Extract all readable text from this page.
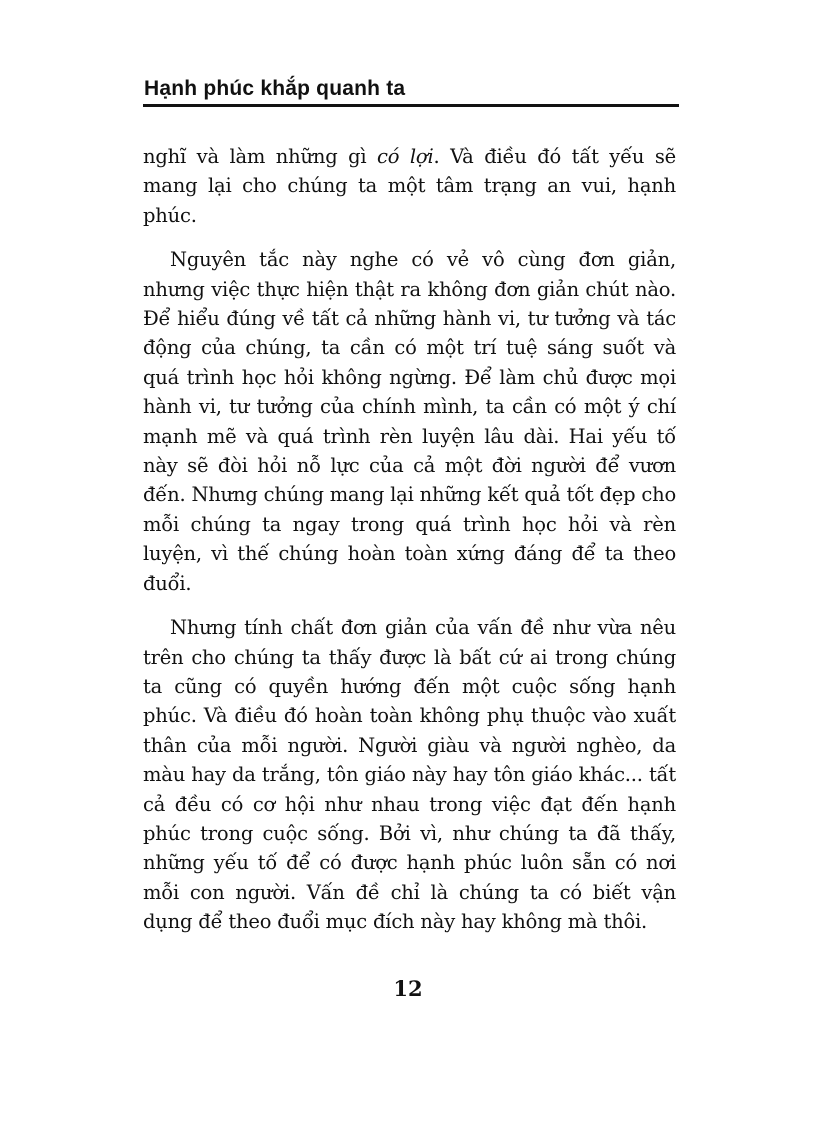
Hạnh phúc khắp quanh ta

nghĩ và làm những gì có lợi. Và điều đó tất yếu sẽ mang lại cho chúng ta một tâm trạng an vui, hạnh phúc.

Nguyên tắc này nghe có vẻ vô cùng đơn giản, nhưng việc thực hiện thật ra không đơn giản chút nào. Để hiểu đúng về tất cả những hành vi, tư tưởng và tác động của chúng, ta cần có một trí tuệ sáng suốt và quá trình học hỏi không ngừng. Để làm chủ được mọi hành vi, tư tưởng của chính mình, ta cần có một ý chí mạnh mẽ và quá trình rèn luyện lâu dài. Hai yếu tố này sẽ đòi hỏi nỗ lực của cả một đời người để vươn đến. Nhưng chúng mang lại những kết quả tốt đẹp cho mỗi chúng ta ngay trong quá trình học hỏi và rèn luyện, vì thế chúng hoàn toàn xứng đáng để ta theo đuổi.

Nhưng tính chất đơn giản của vấn đề như vừa nêu trên cho chúng ta thấy được là bất cứ ai trong chúng ta cũng có quyền hướng đến một cuộc sống hạnh phúc. Và điều đó hoàn toàn không phụ thuộc vào xuất thân của mỗi người. Người giàu và người nghèo, da màu hay da trắng, tôn giáo này hay tôn giáo khác... tất cả đều có cơ hội như nhau trong việc đạt đến hạnh phúc trong cuộc sống. Bởi vì, như chúng ta đã thấy, những yếu tố để có được hạnh phúc luôn sẵn có nơi mỗi con người. Vấn đề chỉ là chúng ta có biết vận dụng để theo đuổi mục đích này hay không mà thôi.

12
